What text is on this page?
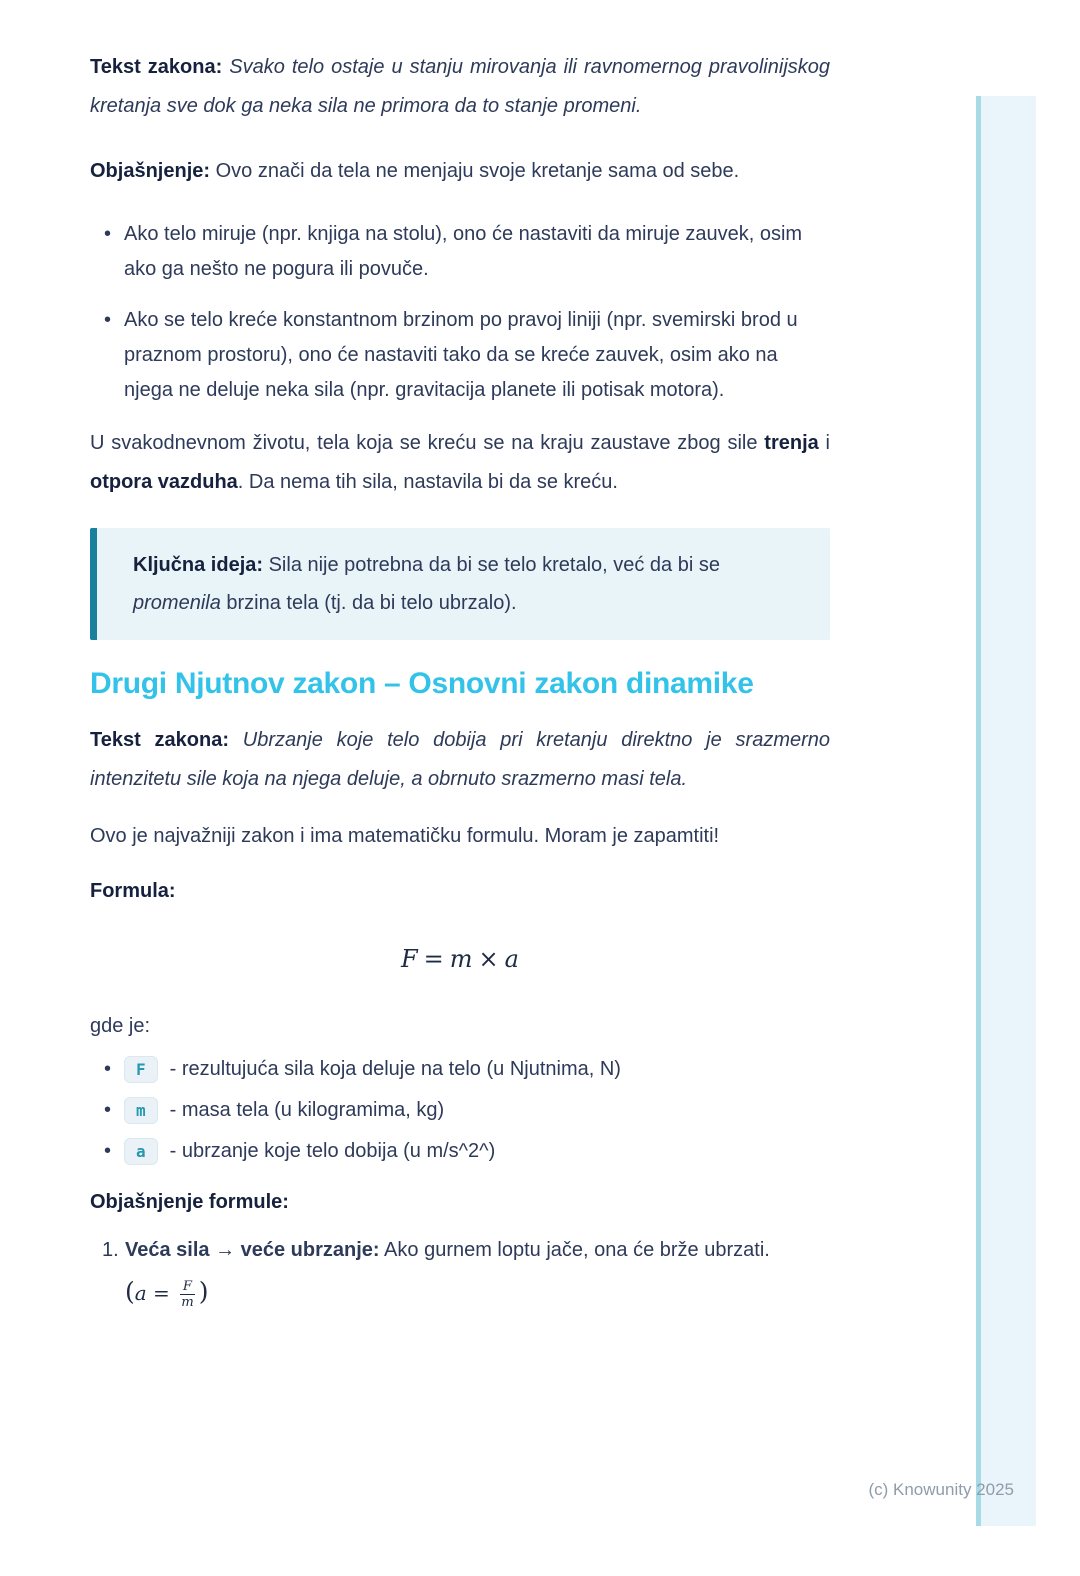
Tekst zakona: Svako telo ostaje u stanju mirovanja ili ravnomernog pravolinijskog kretanja sve dok ga neka sila ne primora da to stanje promeni.

Objašnjenje: Ovo znači da tela ne menjaju svoje kretanje sama od sebe.

• Ako telo miruje (npr. knjiga na stolu), ono će nastaviti da miruje zauvek, osim ako ga nešto ne pogura ili povuče.
• Ako se telo kreće konstantnom brzinom po pravoj liniji (npr. svemirski brod u praznom prostoru), ono će nastaviti tako da se kreće zauvek, osim ako na njega ne deluje neka sila (npr. gravitacija planete ili potisak motora).

U svakodnevnom životu, tela koja se kreću se na kraju zaustave zbog sile trenja i otpora vazduha. Da nema tih sila, nastavila bi da se kreću.

Ključna ideja: Sila nije potrebna da bi se telo kretalo, već da bi se promenila brzina tela (tj. da bi telo ubrzalo).
Drugi Njutnov zakon – Osnovni zakon dinamike

Tekst zakona: Ubrzanje koje telo dobija pri kretanju direktno je srazmerno intenzitetu sile koja na njega deluje, a obrnuto srazmerno masi tela.

Ovo je najvažniji zakon i ima matematičku formulu. Moram je zapamtiti!

Formula:

F = m × a

gde je:

•	F	- rezultujuća sila koja deluje na telo (u Njutnima, N)
•	m	- masa tela (u kilogramima, kg)
•	a	- ubrzanje koje telo dobija (u m/s^2^)

Objašnjenje formule:

1. Veća sila → veće ubrzanje: Ako gurnem loptu jače, ona će brže ubrzati. ($a = \frac{F}{m}$ )
(c) Knowunity 2025
